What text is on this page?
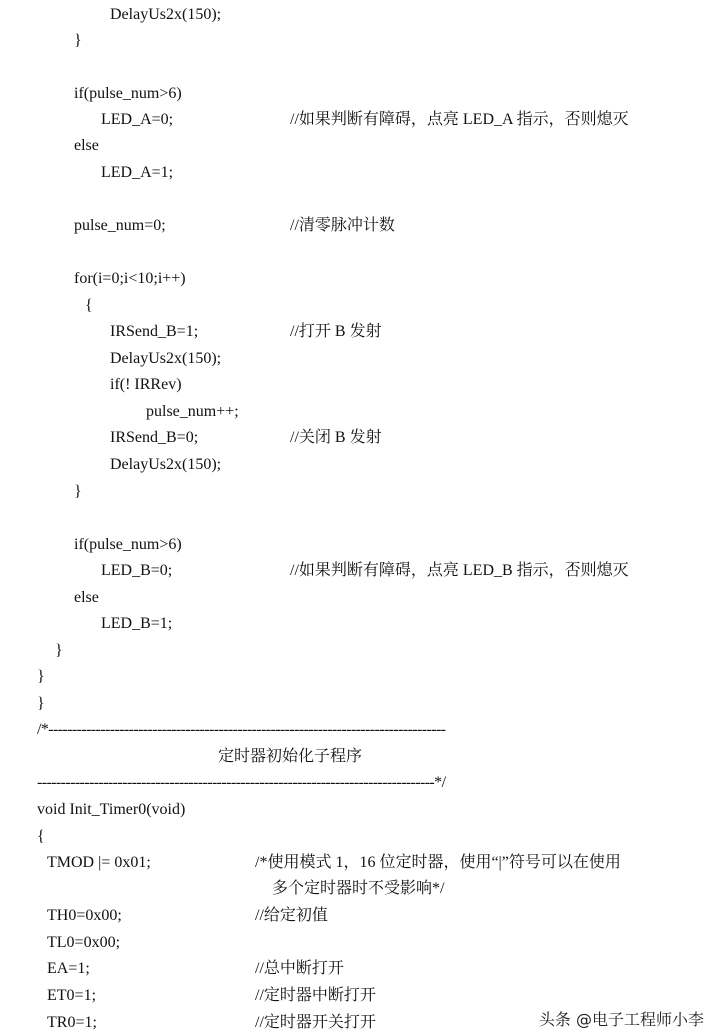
DelayUs2x(150);
}
if(pulse_num>6)
LED_A=0;	//如果判断有障碍，点亮 LED_A 指示，否则熄灭
else
LED_A=1;
pulse_num=0;	//清零脉冲计数
for(i=0;i<10;i++)
{
IRSend_B=1;	//打开 B 发射
DelayUs2x(150);
if(! IRRev)
pulse_num++;
IRSend_B=0;	//关闭 B 发射
DelayUs2x(150);
}
if(pulse_num>6)
LED_B=0;	//如果判断有障碍，点亮 LED_B 指示，否则熄灭
else
LED_B=1;
}
}
}
/*------------------------------------------------------------------------------------
定时器初始化子程序
------------------------------------------------------------------------------------*/
void Init_Timer0(void)
{
TMOD |= 0x01;	/*使用模式 1，16 位定时器，使用“|”符号可以在使用
多个定时器时不受影响*/
TH0=0x00;	//给定初值
TL0=0x00;
EA=1;	//总中断打开
ET0=1;	//定时器中断打开
TR0=1;	//定时器开关打开	头条 @电子工程师小李
